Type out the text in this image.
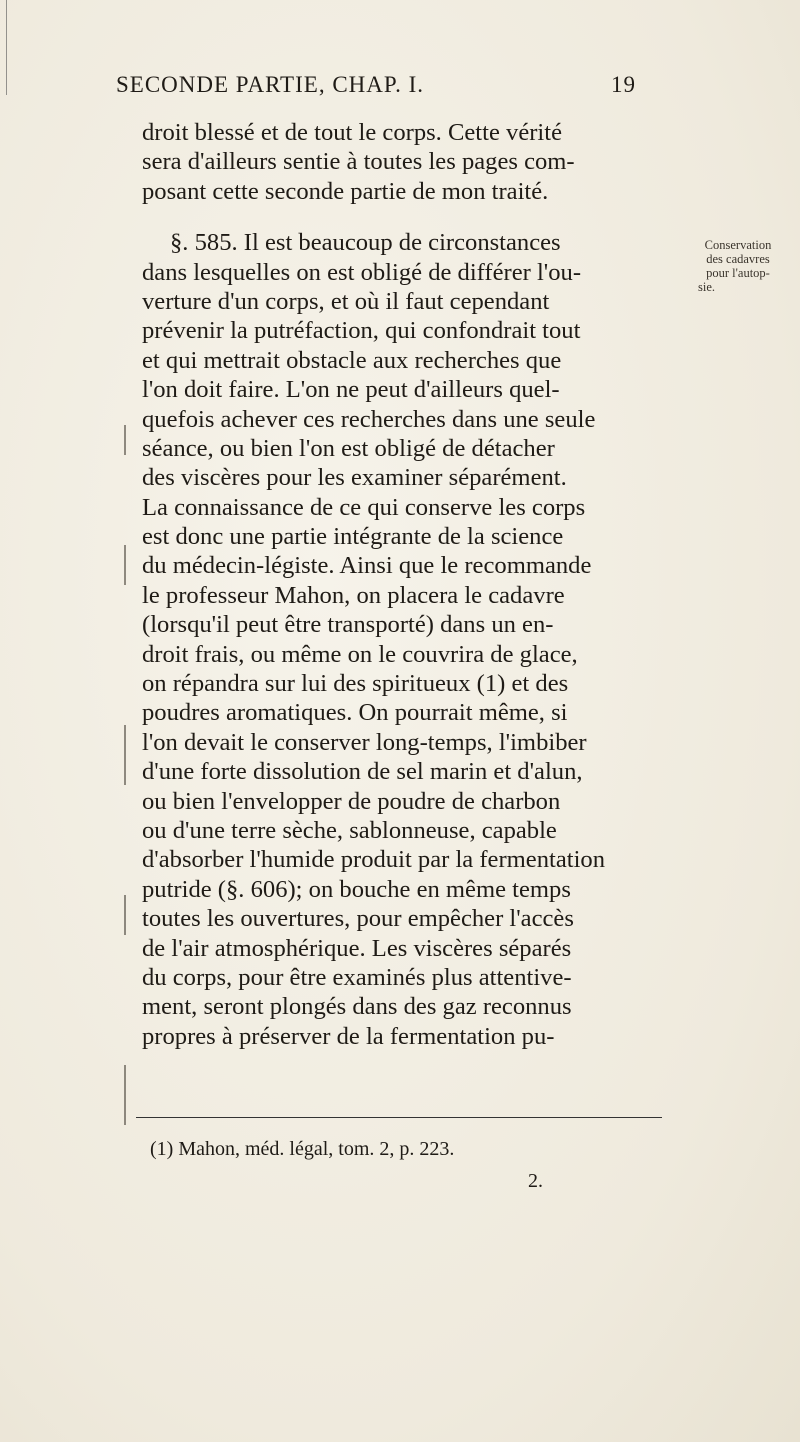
SECONDE PARTIE, CHAP. I.	19
droit blessé et de tout le corps. Cette vérité
sera d'ailleurs sentie à toutes les pages com-
posant cette seconde partie de mon traité.
§. 585. Il est beaucoup de circonstances
dans lesquelles on est obligé de différer l'ou-
verture d'un corps, et où il faut cependant
prévenir la putréfaction, qui confondrait tout
et qui mettrait obstacle aux recherches que
l'on doit faire. L'on ne peut d'ailleurs quel-
quefois achever ces recherches dans une seule
séance, ou bien l'on est obligé de détacher
des viscères pour les examiner séparément.
La connaissance de ce qui conserve les corps
est donc une partie intégrante de la science
du médecin-légiste. Ainsi que le recommande
le professeur Mahon, on placera le cadavre
(lorsqu'il peut être transporté) dans un en-
droit frais, ou même on le couvrira de glace,
on répandra sur lui des spiritueux (1) et des
poudres aromatiques. On pourrait même, si
l'on devait le conserver long-temps, l'imbiber
d'une forte dissolution de sel marin et d'alun,
ou bien l'envelopper de poudre de charbon
ou d'une terre sèche, sablonneuse, capable
d'absorber l'humide produit par la fermentation
putride (§. 606); on bouche en même temps
toutes les ouvertures, pour empêcher l'accès
de l'air atmosphérique. Les viscères séparés
du corps, pour être examinés plus attentive-
ment, seront plongés dans des gaz reconnus
propres à préserver de la fermentation pu-
Conservation
des cadavres
pour l'autop-
sie.
(1) Mahon, méd. légal, tom. 2, p. 223.
2.
